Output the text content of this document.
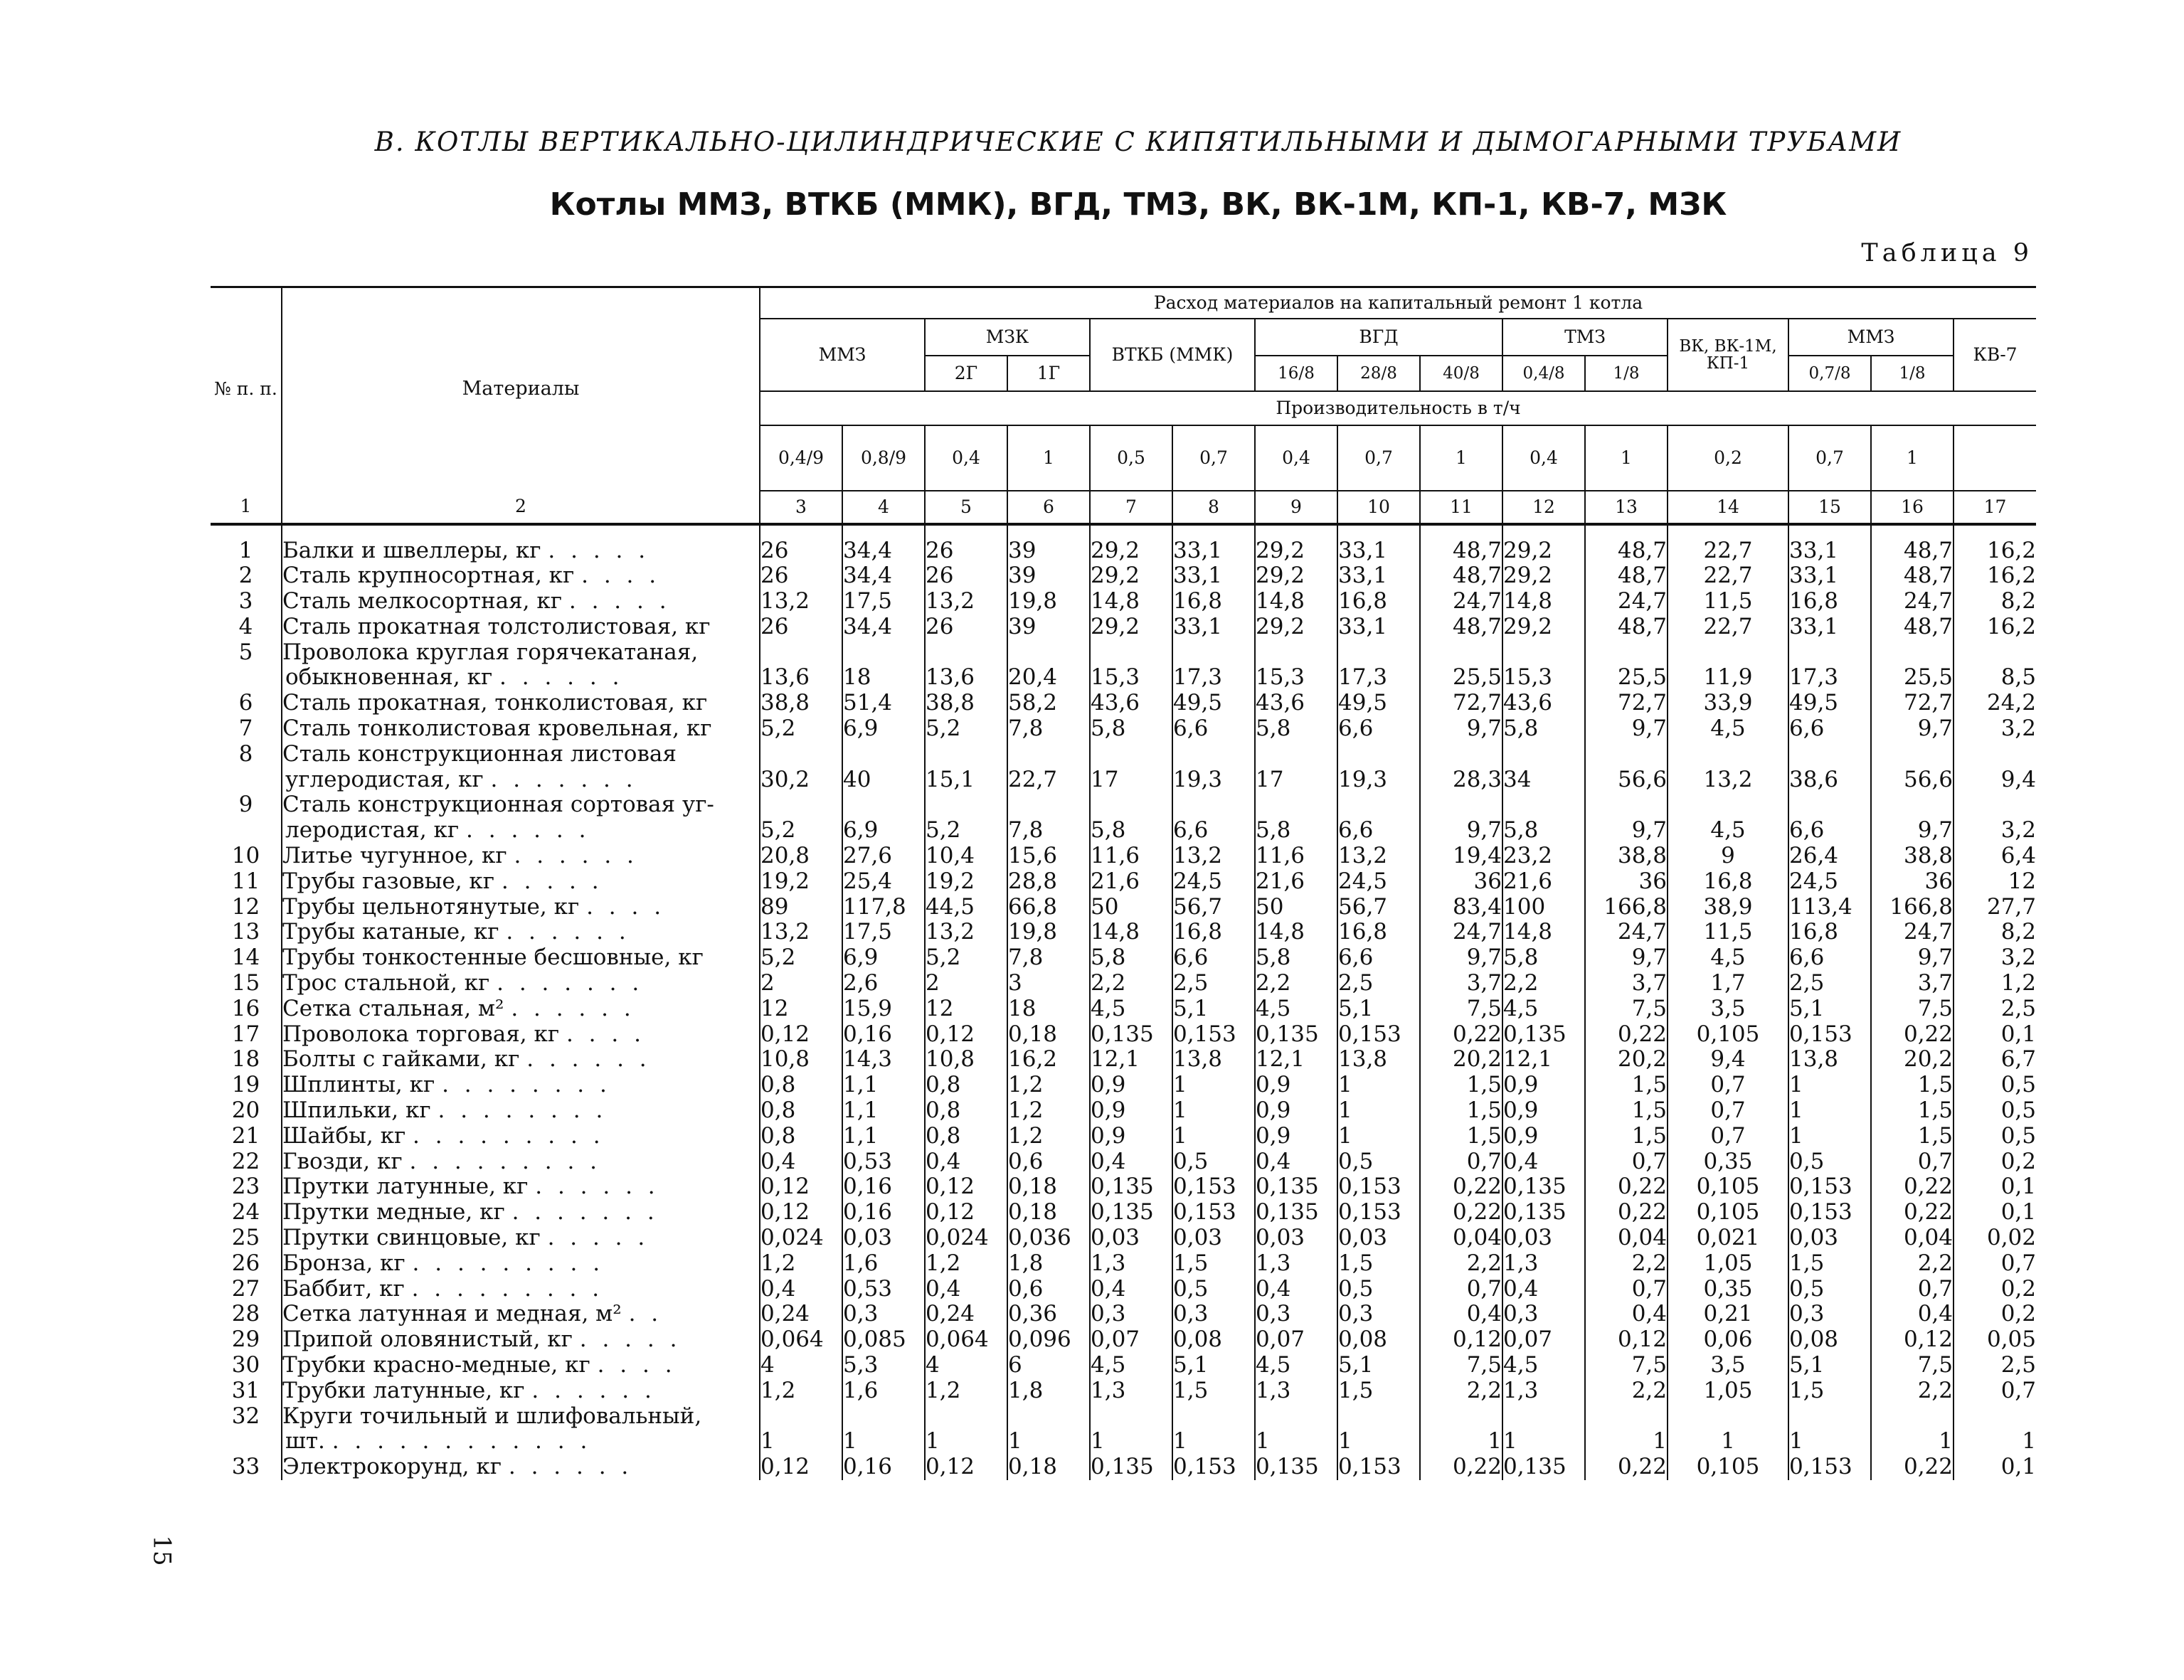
В. КОТЛЫ ВЕРТИКАЛЬНО-ЦИЛИНДРИЧЕСКИЕ С КИПЯТИЛЬНЫМИ И ДЫМОГАРНЫМИ ТРУБАМИ
Котлы ММЗ, ВТКБ (ММК), ВГД, ТМЗ, ВК, ВК-1М, КП-1, КВ-7, МЗК
Таблица 9
15
№ п. п.	Материалы	Расход материалов на капитальный ремонт 1 котла														
		ММЗ		МЗК		ВТКБ (ММК)		ВГД			ТМЗ		ВК, ВК-1М, КП-1	ММЗ		КВ-7
				2Г	1Г			16/8	28/8	40/8	0,4/8	1/8		0,7/8	1/8	
		Производительность в т/ч														
		0,4/9	0,8/9	0,4	1	0,5	0,7	0,4	0,7	1	0,4	1	0,2	0,7	1	
1	2	3	4	5	6	7	8	9	10	11	12	13	14	15	16	17
1	Балки и швеллеры, кг . . . . .	26	34,4	26	39	29,2	33,1	29,2	33,1	48,7	29,2	48,7	22,7	33,1	48,7	16,2
2	Сталь крупносортная, кг . . . .	26	34,4	26	39	29,2	33,1	29,2	33,1	48,7	29,2	48,7	22,7	33,1	48,7	16,2
3	Сталь мелкосортная, кг . . . . .	13,2	17,5	13,2	19,8	14,8	16,8	14,8	16,8	24,7	14,8	24,7	11,5	16,8	24,7	8,2
4	Сталь прокатная толстолистовая, кг	26	34,4	26	39	29,2	33,1	29,2	33,1	48,7	29,2	48,7	22,7	33,1	48,7	16,2
5	Проволока круглая горячекатаная,
обыкновенная, кг . . . . . .	13,6	18	13,6	20,4	15,3	17,3	15,3	17,3	25,5	15,3	25,5	11,9	17,3	25,5	8,5
6	Сталь прокатная, тонколистовая, кг	38,8	51,4	38,8	58,2	43,6	49,5	43,6	49,5	72,7	43,6	72,7	33,9	49,5	72,7	24,2
7	Сталь тонколистовая кровельная, кг	5,2	6,9	5,2	7,8	5,8	6,6	5,8	6,6	9,7	5,8	9,7	4,5	6,6	9,7	3,2
8	Сталь конструкционная листовая
углеродистая, кг . . . . . . .	30,2	40	15,1	22,7	17	19,3	17	19,3	28,3	34	56,6	13,2	38,6	56,6	9,4
9	Сталь конструкционная сортовая уг-
леродистая, кг . . . . . .	5,2	6,9	5,2	7,8	5,8	6,6	5,8	6,6	9,7	5,8	9,7	4,5	6,6	9,7	3,2
10	Литье чугунное, кг . . . . . .	20,8	27,6	10,4	15,6	11,6	13,2	11,6	13,2	19,4	23,2	38,8	9	26,4	38,8	6,4
11	Трубы газовые, кг . . . . .	19,2	25,4	19,2	28,8	21,6	24,5	21,6	24,5	36	21,6	36	16,8	24,5	36	12
12	Трубы цельнотянутые, кг . . . .	89	117,8	44,5	66,8	50	56,7	50	56,7	83,4	100	166,8	38,9	113,4	166,8	27,7
13	Трубы катаные, кг . . . . . .	13,2	17,5	13,2	19,8	14,8	16,8	14,8	16,8	24,7	14,8	24,7	11,5	16,8	24,7	8,2
14	Трубы тонкостенные бесшовные, кг	5,2	6,9	5,2	7,8	5,8	6,6	5,8	6,6	9,7	5,8	9,7	4,5	6,6	9,7	3,2
15	Трос стальной, кг . . . . . . .	2	2,6	2	3	2,2	2,5	2,2	2,5	3,7	2,2	3,7	1,7	2,5	3,7	1,2
16	Сетка стальная, м² . . . . . .	12	15,9	12	18	4,5	5,1	4,5	5,1	7,5	4,5	7,5	3,5	5,1	7,5	2,5
17	Проволока торговая, кг . . . .	0,12	0,16	0,12	0,18	0,135	0,153	0,135	0,153	0,22	0,135	0,22	0,105	0,153	0,22	0,1
18	Болты с гайками, кг . . . . . .	10,8	14,3	10,8	16,2	12,1	13,8	12,1	13,8	20,2	12,1	20,2	9,4	13,8	20,2	6,7
19	Шплинты, кг . . . . . . . .	0,8	1,1	0,8	1,2	0,9	1	0,9	1	1,5	0,9	1,5	0,7	1	1,5	0,5
20	Шпильки, кг . . . . . . . .	0,8	1,1	0,8	1,2	0,9	1	0,9	1	1,5	0,9	1,5	0,7	1	1,5	0,5
21	Шайбы, кг . . . . . . . . .	0,8	1,1	0,8	1,2	0,9	1	0,9	1	1,5	0,9	1,5	0,7	1	1,5	0,5
22	Гвозди, кг . . . . . . . . .	0,4	0,53	0,4	0,6	0,4	0,5	0,4	0,5	0,7	0,4	0,7	0,35	0,5	0,7	0,2
23	Прутки латунные, кг . . . . . .	0,12	0,16	0,12	0,18	0,135	0,153	0,135	0,153	0,22	0,135	0,22	0,105	0,153	0,22	0,1
24	Прутки медные, кг . . . . . . .	0,12	0,16	0,12	0,18	0,135	0,153	0,135	0,153	0,22	0,135	0,22	0,105	0,153	0,22	0,1
25	Прутки свинцовые, кг . . . . .	0,024	0,03	0,024	0,036	0,03	0,03	0,03	0,03	0,04	0,03	0,04	0,021	0,03	0,04	0,02
26	Бронза, кг . . . . . . . . .	1,2	1,6	1,2	1,8	1,3	1,5	1,3	1,5	2,2	1,3	2,2	1,05	1,5	2,2	0,7
27	Баббит, кг . . . . . . . . .	0,4	0,53	0,4	0,6	0,4	0,5	0,4	0,5	0,7	0,4	0,7	0,35	0,5	0,7	0,2
28	Сетка латунная и медная, м² . .	0,24	0,3	0,24	0,36	0,3	0,3	0,3	0,3	0,4	0,3	0,4	0,21	0,3	0,4	0,2
29	Припой оловянистый, кг . . . . .	0,064	0,085	0,064	0,096	0,07	0,08	0,07	0,08	0,12	0,07	0,12	0,06	0,08	0,12	0,05
30	Трубки красно-медные, кг . . . .	4	5,3	4	6	4,5	5,1	4,5	5,1	7,5	4,5	7,5	3,5	5,1	7,5	2,5
31	Трубки латунные, кг . . . . . .	1,2	1,6	1,2	1,8	1,3	1,5	1,3	1,5	2,2	1,3	2,2	1,05	1,5	2,2	0,7
32	Круги точильный и шлифовальный,
шт. . . . . . . . . . . . .	1	1	1	1	1	1	1	1	1	1	1	1	1	1	1
33	Электрокорунд, кг . . . . . .	0,12	0,16	0,12	0,18	0,135	0,153	0,135	0,153	0,22	0,135	0,22	0,105	0,153	0,22	0,1
